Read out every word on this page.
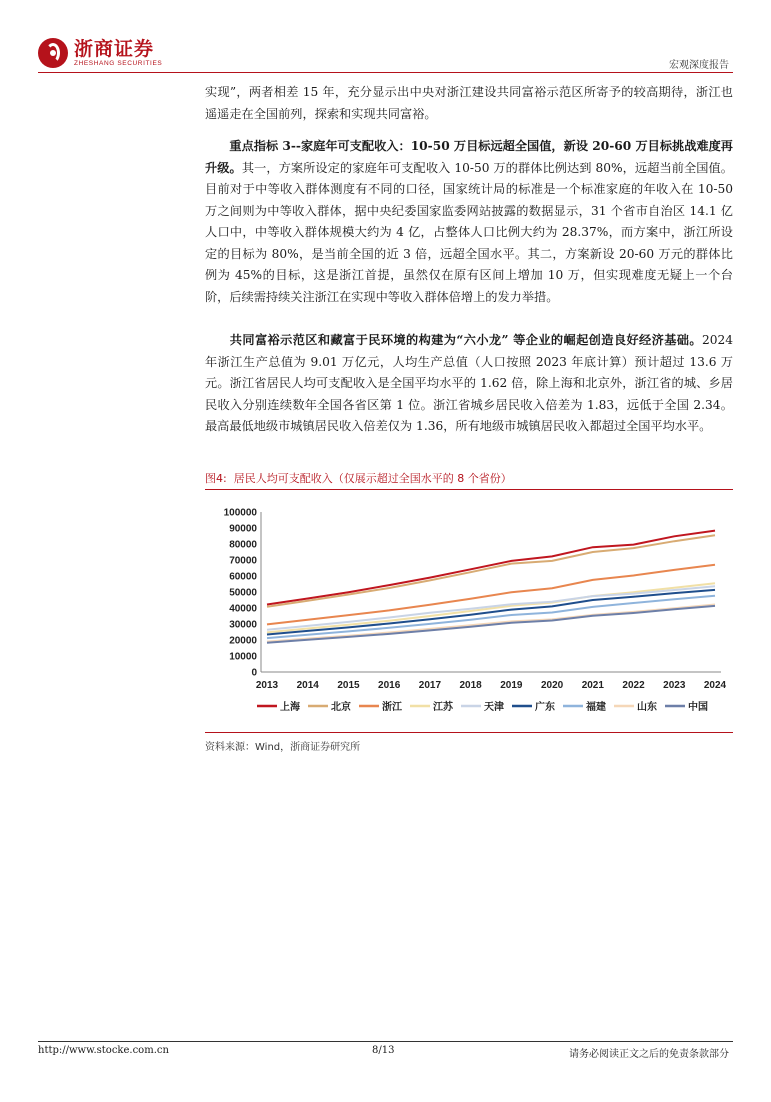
浙商证券
ZHESHANG SECURITIES	宏观深度报告

实现”，两者相差 15 年，充分显示出中央对浙江建设共同富裕示范区所寄予的较高期待，浙江也遥遥走在全国前列，探索和实现共同富裕。

  重点指标 3--家庭年可支配收入：10-50 万目标远超全国值，新设 20-60 万目标挑战难度再升级。其一，方案所设定的家庭年可支配收入 10-50 万的群体比例达到 80%，远超当前全国值。目前对于中等收入群体测度有不同的口径，国家统计局的标准是一个标准家庭的年收入在 10-50 万之间则为中等收入群体，据中央纪委国家监委网站披露的数据显示，31 个省市自治区 14.1 亿人口中，中等收入群体规模大约为 4 亿，占整体人口比例大约为 28.37%，而方案中，浙江所设定的目标为 80%，是当前全国的近 3 倍，远超全国水平。其二，方案新设 20-60 万元的群体比例为 45%的目标，这是浙江首提，虽然仅在原有区间上增加 10 万，但实现难度无疑上一个台阶，后续需持续关注浙江在实现中等收入群体倍增上的发力举措。

  共同富裕示范区和藏富于民环境的构建为“六小龙” 等企业的崛起创造良好经济基础。2024 年浙江生产总值为 9.01 万亿元，人均生产总值（人口按照 2023 年底计算）预计超过 13.6 万元。浙江省居民人均可支配收入是全国平均水平的 1.62 倍，除上海和北京外，浙江省的城、乡居民收入分别连续数年全国各省区第 1 位。浙江省城乡居民收入倍差为 1.83，远低于全国 2.34。最高最低地级市城镇居民收入倍差仅为 1.36，所有地级市城镇居民收入都超过全国平均水平。

图4: 居民人均可支配收入（仅展示超过全国水平的 8 个省份）
0
10000
20000
30000
40000
50000
60000
70000
80000
90000
100000
2013 2014 2015 2016 2017 2018 2019 2020 2021 2022 2023 2024
上海	北京	浙江	江苏	天津	广东	福建	山东	中国
资料来源：Wind，浙商证券研究所
http://www.stocke.com.cn	8/13	请务必阅读正文之后的免责条款部分
